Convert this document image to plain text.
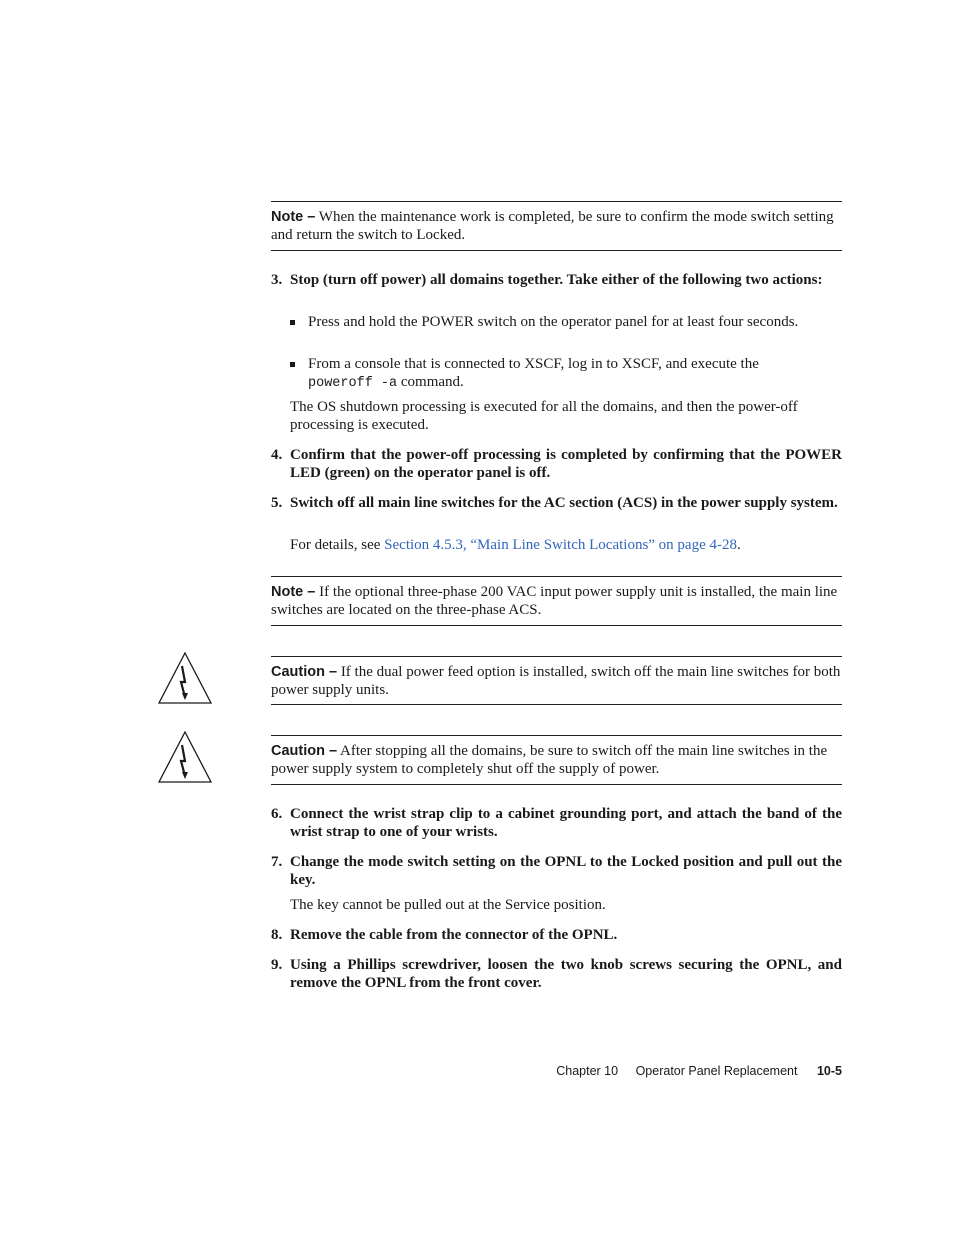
Note – When the maintenance work is completed, be sure to confirm the mode switch setting and return the switch to Locked.
3. Stop (turn off power) all domains together. Take either of the following two actions:
Press and hold the POWER switch on the operator panel for at least four seconds.
From a console that is connected to XSCF, log in to XSCF, and execute the
poweroff -a command.
The OS shutdown processing is executed for all the domains, and then the power-off processing is executed.
4. Confirm that the power-off processing is completed by confirming that the POWER LED (green) on the operator panel is off.
5. Switch off all main line switches for the AC section (ACS) in the power supply system.
For details, see Section 4.5.3, “Main Line Switch Locations” on page 4-28.
Note – If the optional three-phase 200 VAC input power supply unit is installed, the main line switches are located on the three-phase ACS.
Caution – If the dual power feed option is installed, switch off the main line switches for both power supply units.
Caution – After stopping all the domains, be sure to switch off the main line switches in the power supply system to completely shut off the supply of power.
6. Connect the wrist strap clip to a cabinet grounding port, and attach the band of the wrist strap to one of your wrists.
7. Change the mode switch setting on the OPNL to the Locked position and pull out the key.
The key cannot be pulled out at the Service position.
8. Remove the cable from the connector of the OPNL.
9. Using a Phillips screwdriver, loosen the two knob screws securing the OPNL, and remove the OPNL from the front cover.
Chapter 10 Operator Panel Replacement 10-5
